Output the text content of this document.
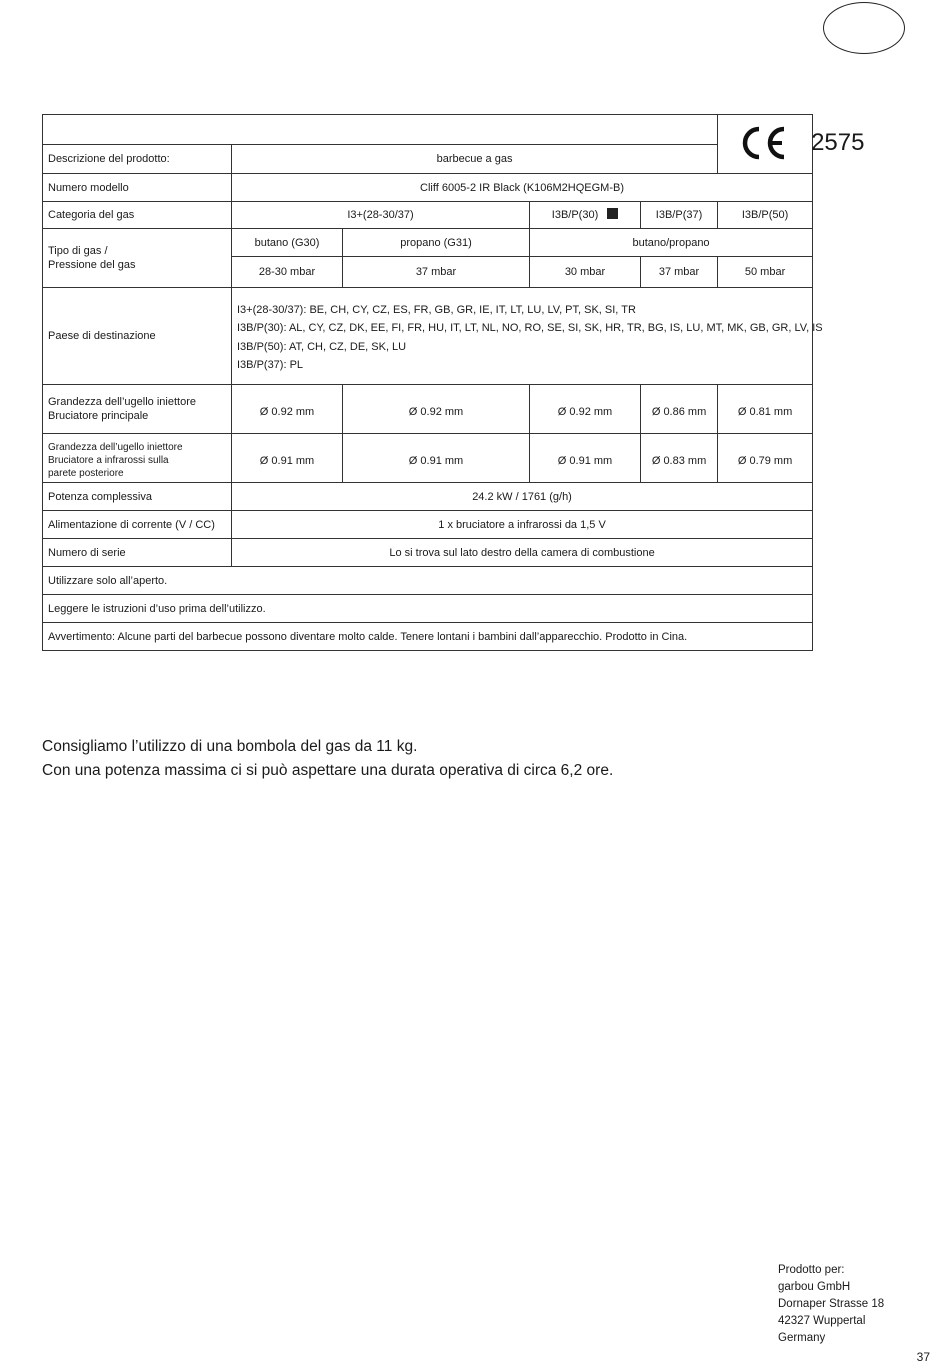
					2575

Descrizione del prodotto:	barbecue a gas				
Numero modello	Cliff 6005-2 IR Black (K106M2HQEGM-B)				
Categoria del gas	I3+(28-30/37)		I3B/P(30)	I3B/P(37)	I3B/P(50)

Tipo di gas /
Pressione del gas	butano (G30)	propano (G31)	butano/propano		
	28-30 mbar	37 mbar	30 mbar	37 mbar	50 mbar
Paese di destinazione	I3+(28-30/37): BE, CH, CY, CZ, ES, FR, GB, GR, IE, IT, LT, LU, LV, PT, SK, SI, TR
I3B/P(30): AL, CY, CZ, DK, EE, FI, FR, HU, IT, LT, NL, NO, RO, SE, SI, SK, HR, TR, BG, IS, LU, MT, MK, GB, GR, LV, IS
I3B/P(50): AT, CH, CZ, DE, SK, LU
I3B/P(37): PL				

Grandezza dell’ugello iniettore
Bruciatore principale	Ø 0.92 mm	Ø 0.92 mm	Ø 0.92 mm	Ø 0.86 mm	Ø 0.81 mm

Grandezza dell’ugello iniettore
Bruciatore a infrarossi sulla
parete posteriore	Ø 0.91 mm	Ø 0.91 mm	Ø 0.91 mm	Ø 0.83 mm	Ø 0.79 mm
Potenza complessiva	24.2 kW / 1761 (g/h)				
Alimentazione di corrente (V / CC)	1 x bruciatore a infrarossi da 1,5 V				
Numero di serie	Lo si trova sul lato destro della camera di combustione				
Utilizzare solo all’aperto.					
Leggere le istruzioni d’uso prima dell’utilizzo.					
Avvertimento: Alcune parti del barbecue possono diventare molto calde. Tenere lontani i bambini dall’apparecchio. Prodotto in Cina.					
Consigliamo l’utilizzo di una bombola del gas da 11 kg.
Con una potenza massima ci si può aspettare una durata operativa di circa 6,2 ore.
Prodotto per:
garbou GmbH
Dornaper Strasse 18
42327 Wuppertal
Germany
37
